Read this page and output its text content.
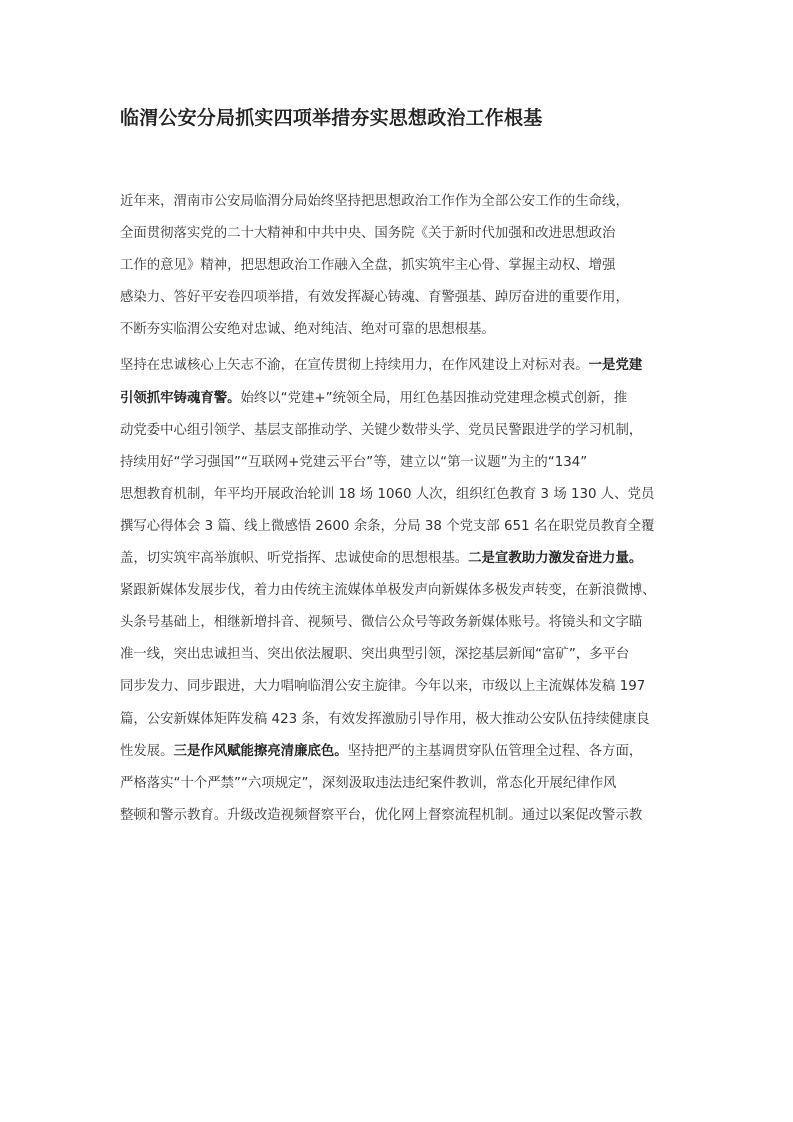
临渭公安分局抓实四项举措夯实思想政治工作根基

近年来，渭南市公安局临渭分局始终坚持把思想政治工作作为全部公安工作的生命线，
全面贯彻落实党的二十大精神和中共中央、国务院《关于新时代加强和改进思想政治
工作的意见》精神，把思想政治工作融入全盘，抓实筑牢主心骨、掌握主动权、增强
感染力、答好平安卷四项举措，有效发挥凝心铸魂、育警强基、踔厉奋进的重要作用，
不断夯实临渭公安绝对忠诚、绝对纯洁、绝对可靠的思想根基。

坚持在忠诚核心上矢志不渝，在宣传贯彻上持续用力，在作风建设上对标对表。一是党建
引领抓牢铸魂育警。始终以“党建+”统领全局，用红色基因推动党建理念模式创新，推
动党委中心组引领学、基层支部推动学、关键少数带头学、党员民警跟进学的学习机制，
持续用好“学习强国”“互联网+党建云平台”等，建立以“第一议题”为主的“134”
思想教育机制，年平均开展政治轮训 18 场 1060 人次，组织红色教育 3 场 130 人、党员
撰写心得体会 3 篇、线上微感悟 2600 余条，分局 38 个党支部 651 名在职党员教育全覆
盖，切实筑牢高举旗帜、听党指挥、忠诚使命的思想根基。二是宣教助力激发奋进力量。
紧跟新媒体发展步伐，着力由传统主流媒体单极发声向新媒体多极发声转变，在新浪微博、
头条号基础上，相继新增抖音、视频号、微信公众号等政务新媒体账号。将镜头和文字瞄
准一线，突出忠诚担当、突出依法履职、突出典型引领，深挖基层新闻“富矿”，多平台
同步发力、同步跟进，大力唱响临渭公安主旋律。今年以来，市级以上主流媒体发稿 197
篇，公安新媒体矩阵发稿 423 条，有效发挥激励引导作用，极大推动公安队伍持续健康良
性发展。三是作风赋能擦亮清廉底色。坚持把严的主基调贯穿队伍管理全过程、各方面，
严格落实“十个严禁”“六项规定”，深刻汲取违法违纪案件教训，常态化开展纪律作风
整顿和警示教育。升级改造视频督察平台，优化网上督察流程机制。通过以案促改警示教
